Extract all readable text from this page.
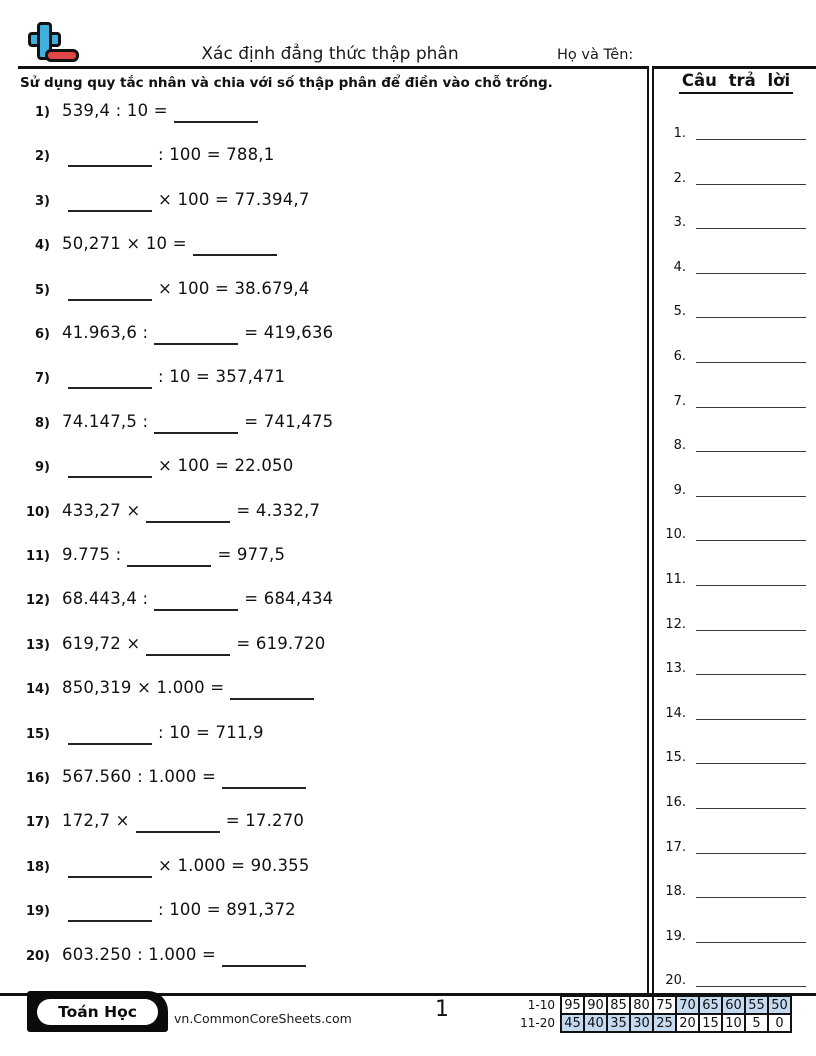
Xác định đẳng thức thập phân	Họ và Tên:
Sử dụng quy tắc nhân và chia với số thập phân để điền vào chỗ trống.
1) 539,4 : 10 =
2)	: 100 = 788,1
3)	× 100 = 77.394,7
4) 50,271 × 10 =
5)	× 100 = 38.679,4
6) 41.963,6 :	= 419,636
7)	: 10 = 357,471
8) 74.147,5 :	= 741,475
9)	× 100 = 22.050
10) 433,27 ×	= 4.332,7
11) 9.775 :	= 977,5
12) 68.443,4 :	= 684,434
13) 619,72 ×	= 619.720
14) 850,319 × 1.000 =
15)	: 10 = 711,9
16) 567.560 : 1.000 =
17) 172,7 ×	= 17.270
18)	× 1.000 = 90.355
19)	: 100 = 891,372
20) 603.250 : 1.000 =
Câu trả lời
1.
2.
3.
4.
5.
6.
7.
8.
9.
10.
11.
12.
13.
14.
15.
16.
17.
18.
19.
20.
Toán Học	vn.CommonCoreSheets.com	1	1-10	95	90	85	80	75	70	65	60	55	50
11-20	45	40	35	30	25	20	15	10	5	0
